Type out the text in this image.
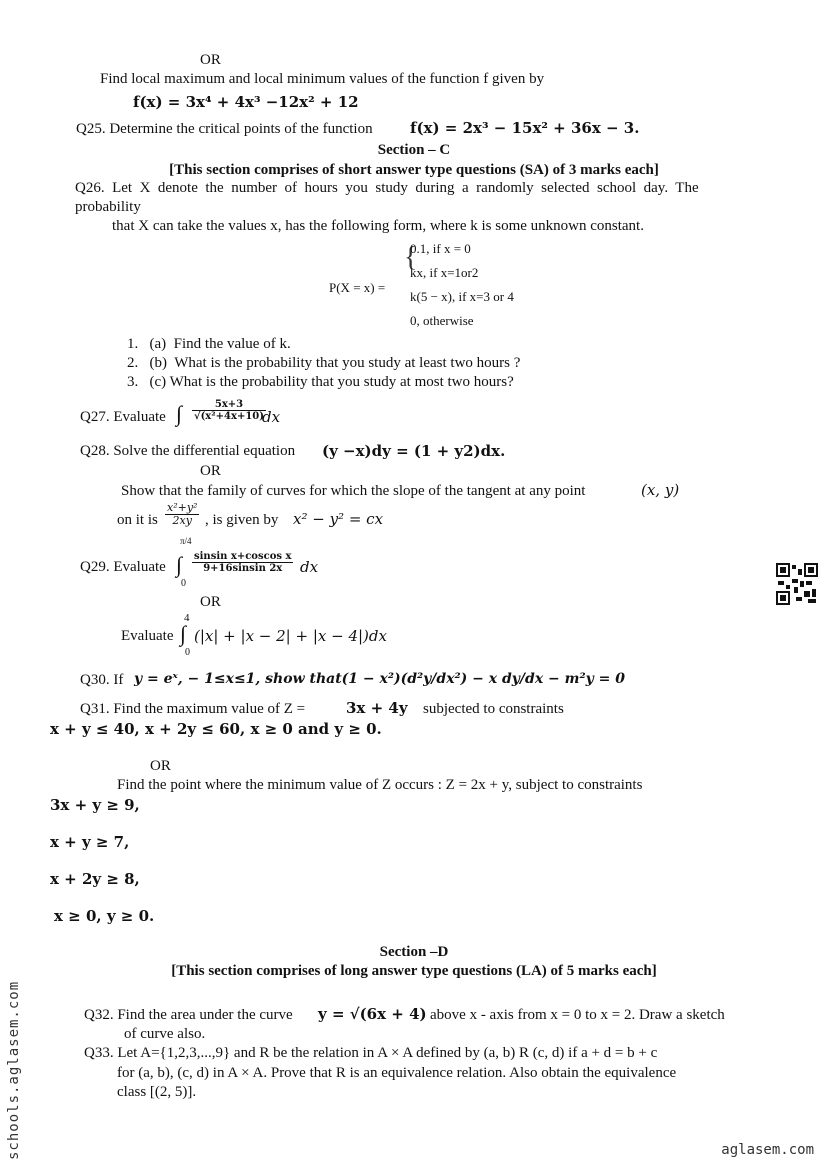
OR
Find local maximum and local minimum values of the function f given by
f(x) = 3x⁴ + 4x³ −12x² + 12
Q25. Determine the critical points of the function f(x) = 2x³ − 15x² + 36x − 3.
Section – C
[This section comprises of short answer type questions (SA) of 3 marks each]
Q26.  Let  X  denote  the  number  of  hours  you  study  during  a  randomly  selected  school  day.  The
probability
that X can take the values x, has the following form, where k is some unknown constant.
P(X = x) =
{
0.1, if x = 0
kx, if x=1or2
k(5 − x), if x=3 or 4
0, otherwise
1.   (a)  Find the value of k.
2.   (b)  What is the probability that you study at least two hours ?
3.   (c) What is the probability that you study at most two hours?
Q27. Evaluate ∫ $\frac{5x+3}{\text{√(x²+4x+10)}}$
dx
Q28. Solve the differential equation (y −x)dy = (1 + y2)dx.
OR
Show that the family of curves for which the slope of the tangent at any point	(x, y)
on it is $\frac{\text{x²+y²}}{2xy}$ , is given by x² − y² = cx
π/4
Q29. Evaluate ∫
0
$\frac{\text{sinsin x+coscos x}}{\text{9+16sinsin 2x}}$ dx
OR
4
Evaluate ∫
0
(|x| + |x − 2| + |x − 4|)dx
Q30. If y = eˣ, − 1≤x≤1, show that(1 − x²)(d²y/dx²) − x dy/dx − m²y = 0
Q31. Find the maximum value of Z =	3x + 4y subjected to constraints
x + y ≤ 40, x + 2y ≤ 60, x ≥ 0 and y ≥ 0.
OR
Find the point where the minimum value of Z occurs : Z = 2x + y, subject to constraints
3x + y ≥ 9,
x + y ≥ 7,
x + 2y ≥ 8,
x ≥ 0, y ≥ 0.
Section –D
[This section comprises of long answer type questions (LA) of 5 marks each]
Q32. Find the area under the curve y = √(6x + 4) above x - axis from x = 0 to x = 2. Draw a sketch
of curve also.
Q33. Let A={1,2,3,...,9} and R be the relation in A × A defined by (a, b) R (c, d) if a + d = b + c
for (a, b), (c, d) in A × A. Prove that R is an equivalence relation. Also obtain the equivalence
class [(2, 5)].
schools.aglasem.com	aglasem.com
